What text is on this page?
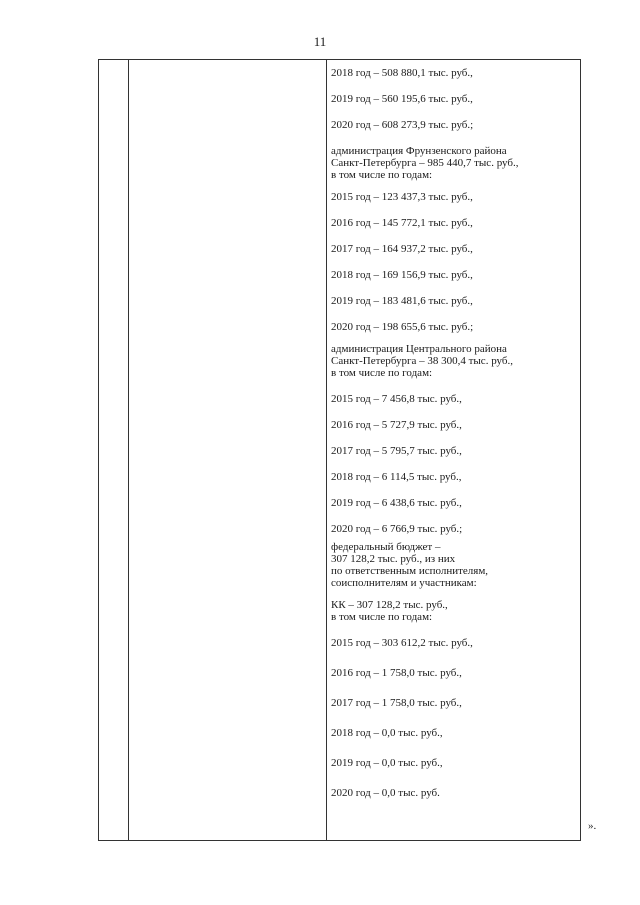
11
2018 год – 508 880,1 тыс. руб.,
2019 год – 560 195,6 тыс. руб.,
2020 год – 608 273,9 тыс. руб.;
администрация Фрунзенского района
Санкт-Петербурга – 985 440,7 тыс. руб.,
в том числе по годам:
2015 год – 123 437,3 тыс. руб.,
2016 год – 145 772,1 тыс. руб.,
2017 год – 164 937,2 тыс. руб.,
2018 год – 169 156,9 тыс. руб.,
2019 год – 183 481,6 тыс. руб.,
2020 год – 198 655,6 тыс. руб.;
администрация Центрального района
Санкт-Петербурга – 38 300,4 тыс. руб.,
в том числе по годам:
2015 год – 7 456,8 тыс. руб.,
2016 год – 5 727,9 тыс. руб.,
2017 год – 5 795,7 тыс. руб.,
2018 год – 6 114,5 тыс. руб.,
2019 год – 6 438,6 тыс. руб.,
2020 год – 6 766,9 тыс. руб.;
федеральный бюджет –
307 128,2 тыс. руб., из них
по ответственным исполнителям,
соисполнителям и участникам:
КК – 307 128,2 тыс. руб.,
в том числе по годам:
2015 год – 303 612,2 тыс. руб.,
2016 год – 1 758,0 тыс. руб.,
2017 год – 1 758,0 тыс. руб.,
2018 год – 0,0 тыс. руб.,
2019 год – 0,0 тыс. руб.,
2020 год – 0,0 тыс. руб.
».
